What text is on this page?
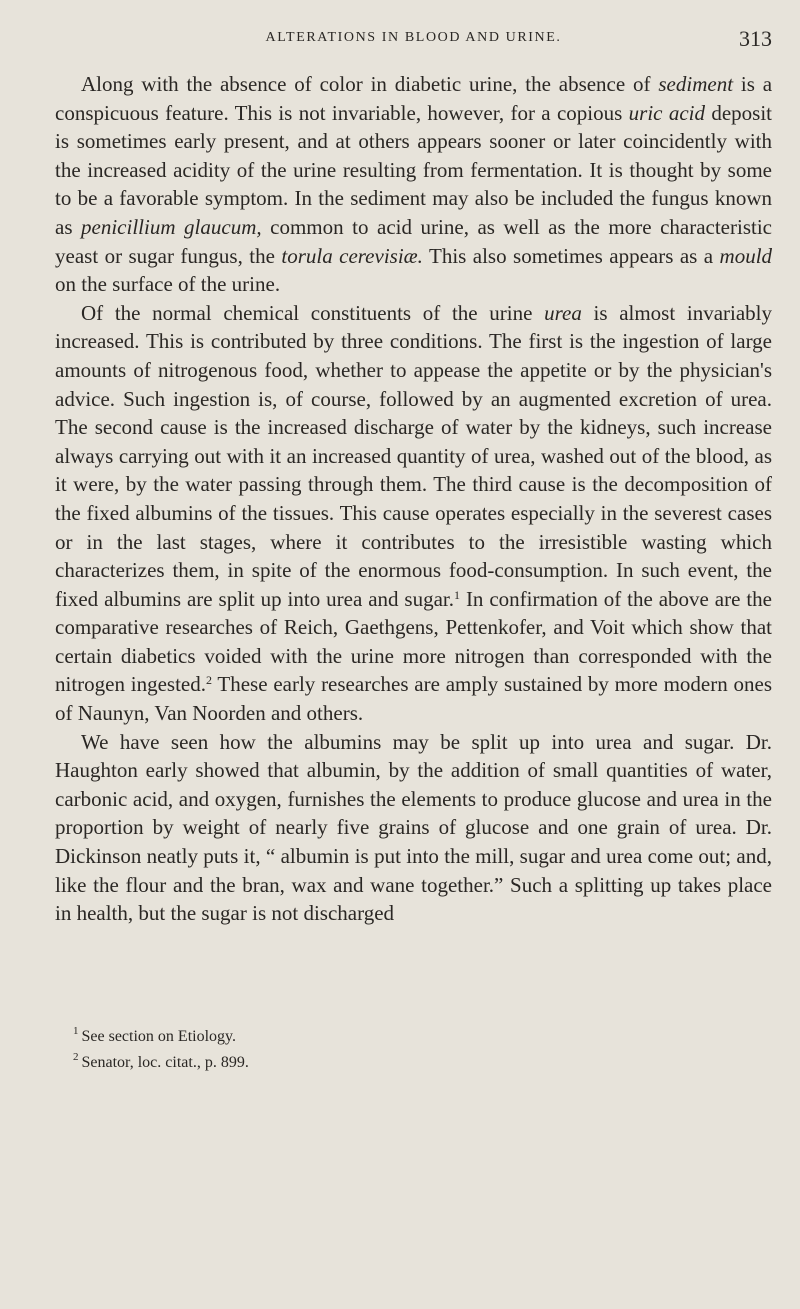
ALTERATIONS IN BLOOD AND URINE.	313

Along with the absence of color in diabetic urine, the absence of sediment is a conspicuous feature. This is not invariable, however, for a copious uric acid deposit is sometimes early present, and at others appears sooner or later coincidently with the increased acidity of the urine resulting from fermentation. It is thought by some to be a favorable symptom. In the sediment may also be included the fungus known as penicillium glaucum, common to acid urine, as well as the more characteristic yeast or sugar fungus, the torula cerevisiæ. This also sometimes appears as a mould on the surface of the urine.

Of the normal chemical constituents of the urine urea is almost invariably increased. This is contributed by three conditions. The first is the ingestion of large amounts of nitrogenous food, whether to appease the appetite or by the physician's advice. Such ingestion is, of course, followed by an augmented excretion of urea. The second cause is the increased discharge of water by the kidneys, such increase always carrying out with it an increased quantity of urea, washed out of the blood, as it were, by the water passing through them. The third cause is the decomposition of the fixed albumins of the tissues. This cause operates especially in the severest cases or in the last stages, where it contributes to the irresistible wasting which characterizes them, in spite of the enormous food-consumption. In such event, the fixed albumins are split up into urea and sugar.$^1$ In confirmation of the above are the comparative researches of Reich, Gaethgens, Pettenkofer, and Voit which show that certain diabetics voided with the urine more nitrogen than corresponded with the nitrogen ingested.$^2$ These early researches are amply sustained by more modern ones of Naunyn, Van Noorden and others.

We have seen how the albumins may be split up into urea and sugar. Dr. Haughton early showed that albumin, by the addition of small quantities of water, carbonic acid, and oxygen, furnishes the elements to produce glucose and urea in the proportion by weight of nearly five grains of glucose and one grain of urea. Dr. Dickinson neatly puts it, “ albumin is put into the mill, sugar and urea come out; and, like the flour and the bran, wax and wane together.” Such a splitting up takes place in health, but the sugar is not discharged

$^1$ See section on Etiology.

$^2$ Senator, loc. citat., p. 899.
